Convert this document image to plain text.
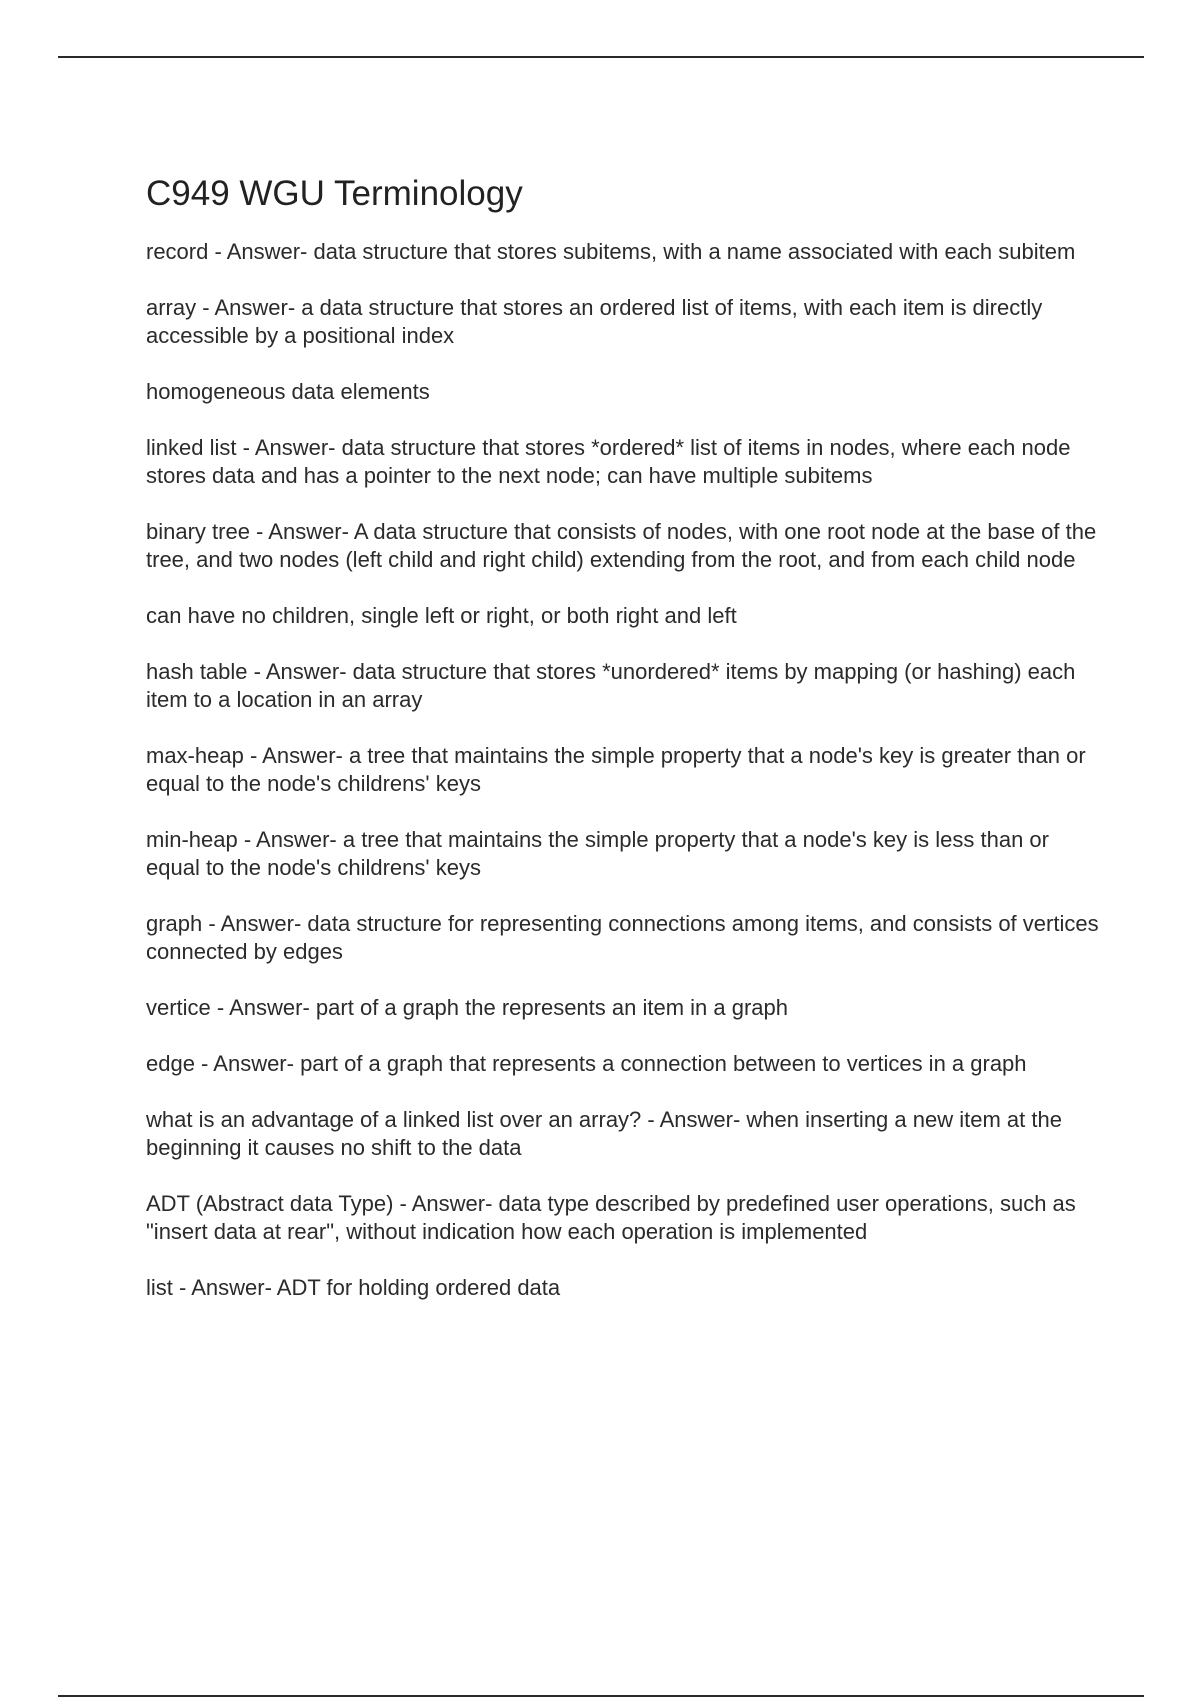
C949 WGU Terminology

record - Answer- data structure that stores subitems, with a name associated with each subitem

array - Answer- a data structure that stores an ordered list of items, with each item is directly accessible by a positional index

homogeneous data elements

linked list - Answer- data structure that stores *ordered* list of items in nodes, where each node stores data and has a pointer to the next node; can have multiple subitems

binary tree - Answer- A data structure that consists of nodes, with one root node at the base of the tree, and two nodes (left child and right child) extending from the root, and from each child node

can have no children, single left or right, or both right and left

hash table - Answer- data structure that stores *unordered* items by mapping (or hashing) each item to a location in an array

max-heap - Answer- a tree that maintains the simple property that a node's key is greater than or equal to the node's childrens' keys

min-heap - Answer- a tree that maintains the simple property that a node's key is less than or equal to the node's childrens' keys

graph - Answer- data structure for representing connections among items, and consists of vertices connected by edges

vertice - Answer- part of a graph the represents an item in a graph

edge - Answer- part of a graph that represents a connection between to vertices in a graph

what is an advantage of a linked list over an array? - Answer- when inserting a new item at the beginning it causes no shift to the data

ADT (Abstract data Type) - Answer- data type described by predefined user operations, such as "insert data at rear", without indication how each operation is implemented

list - Answer- ADT for holding ordered data
